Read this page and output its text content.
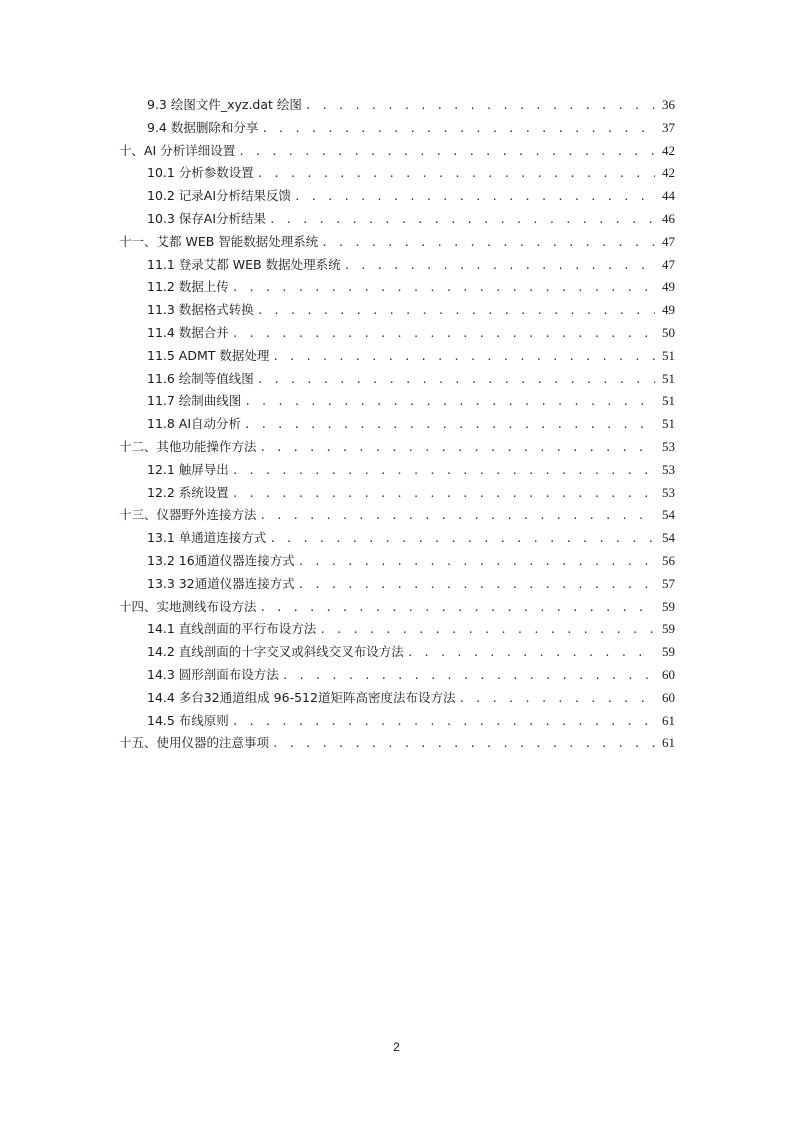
9.3 绘图文件_xyz.dat 绘图 . . .	36
9.4 数据删除和分享 . . .	37
十、AI 分析详细设置 . . .	42
10.1 分析参数设置 . . .	42
10.2 记录AI分析结果反馈 . . .	44
10.3 保存AI分析结果 . . .	46
十一、艾都 WEB 智能数据处理系统 . . .	47
11.1 登录艾都 WEB 数据处理系统 . . .	47
11.2 数据上传 . . .	49
11.3 数据格式转换 . . .	49
11.4 数据合并 . . .	50
11.5 ADMT 数据处理 . . .	51
11.6 绘制等值线图 . . .	51
11.7 绘制曲线图 . . .	51
11.8 AI自动分析 . . .	51
十二、其他功能操作方法 . . .	53
12.1 触屏导出 . . .	53
12.2 系统设置 . . .	53
十三、仪器野外连接方法 . . .	54
13.1 单通道连接方式 . . .	54
13.2 16通道仪器连接方式 . . .	56
13.3 32通道仪器连接方式 . . .	57
十四、实地测线布设方法 . . .	59
14.1 直线剖面的平行布设方法 . . .	59
14.2 直线剖面的十字交叉或斜线交叉布设方法 . . .	59
14.3 圆形剖面布设方法 . . .	60
14.4 多台32通道组成 96-512道矩阵高密度法布设方法 . . .	60
14.5 布线原则 . . .	61
十五、使用仪器的注意事项 . . .	61
2
